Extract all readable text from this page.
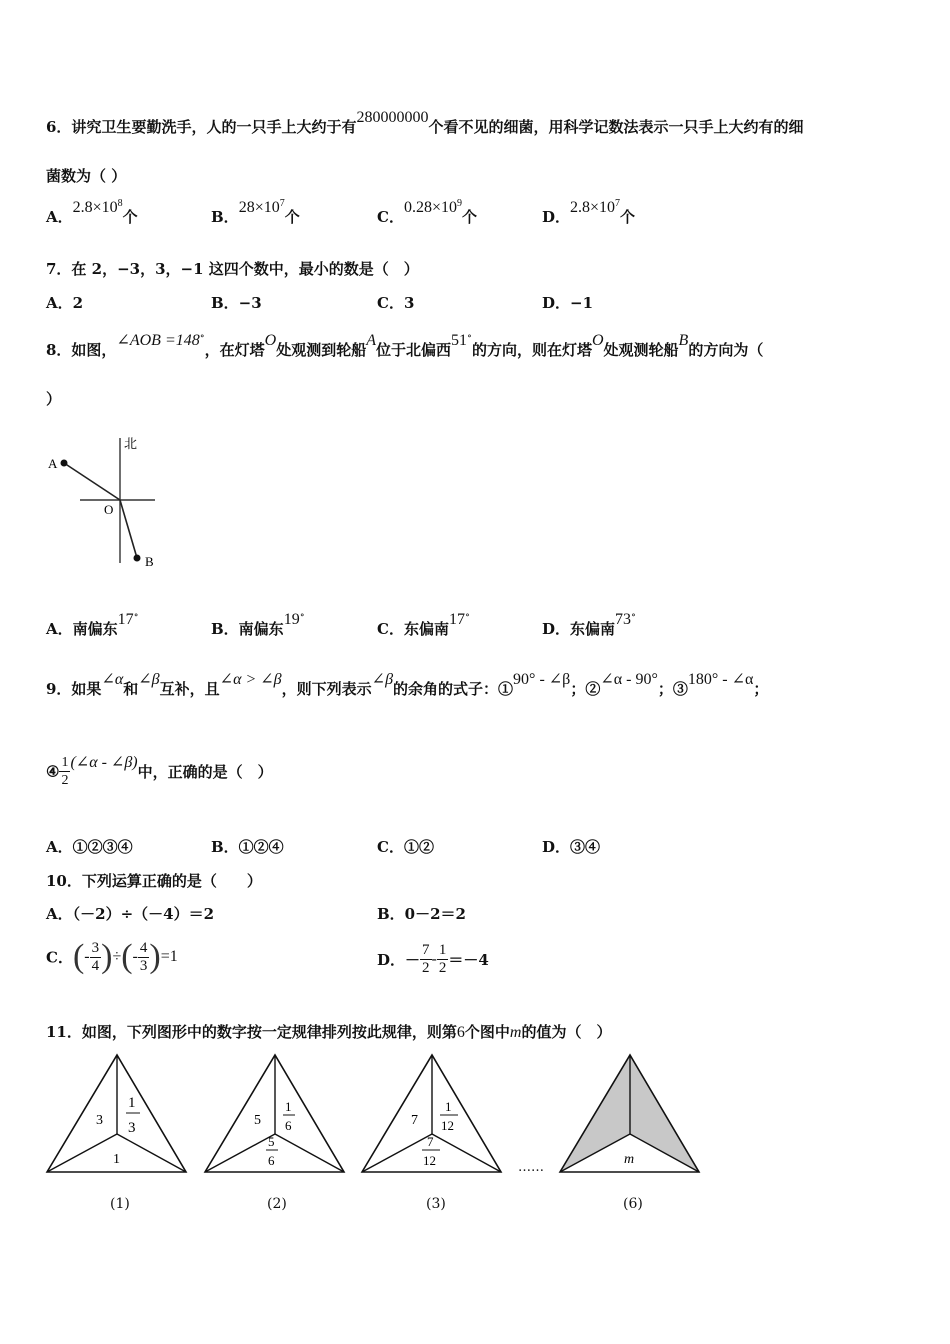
6．讲究卫生要勤洗手，人的一只手上大约于有280000000个看不见的细菌，用科学记数法表示一只手上大约有的细
菌数为（ ）
A．$2.8\times 10^8$个	B．$28\times 10^7$个	C．$0.28\times 10^9$个	D．$2.8\times 10^7$个
7．在 2，−3，3，−1 这四个数中，最小的数是（　）
A．2	B．−3	C．3	D．−1
8．如图，∠AOB =148∘，在灯塔O处观测到轮船A位于北偏西51∘的方向，则在灯塔O处观测轮船B的方向为（
）
北
A
O
B
A．南偏东17∘
B．南偏东19∘
C．东偏南17∘
D．东偏南73∘
9．如果∠α和∠β互补，且∠α > ∠β，则下列表示∠β的余角的式子：①90° - ∠β；②∠α - 90°；③180° - ∠α；
④ $\frac{1}{2}$ (∠α - ∠β)中，正确的是（　）
A．①②③④	B．①②④	C．①②	D．③④
10．下列运算正确的是（　　）
A．（－2）÷（－4）＝2	B．0－2＝2
C．(- $\frac{3}{4}$ )÷(- $\frac{4}{3} )=1$	D．－ $\frac{7}{2} - \frac{1}{2} =-4$
11．如图，下列图形中的数字按一定规律排列按此规律，则第6个图中m的值为（　）
3
1
3
1
(1)
5
1
6
5
6
(2)
7
1
12
7
12
(3)
……
m
(6)
